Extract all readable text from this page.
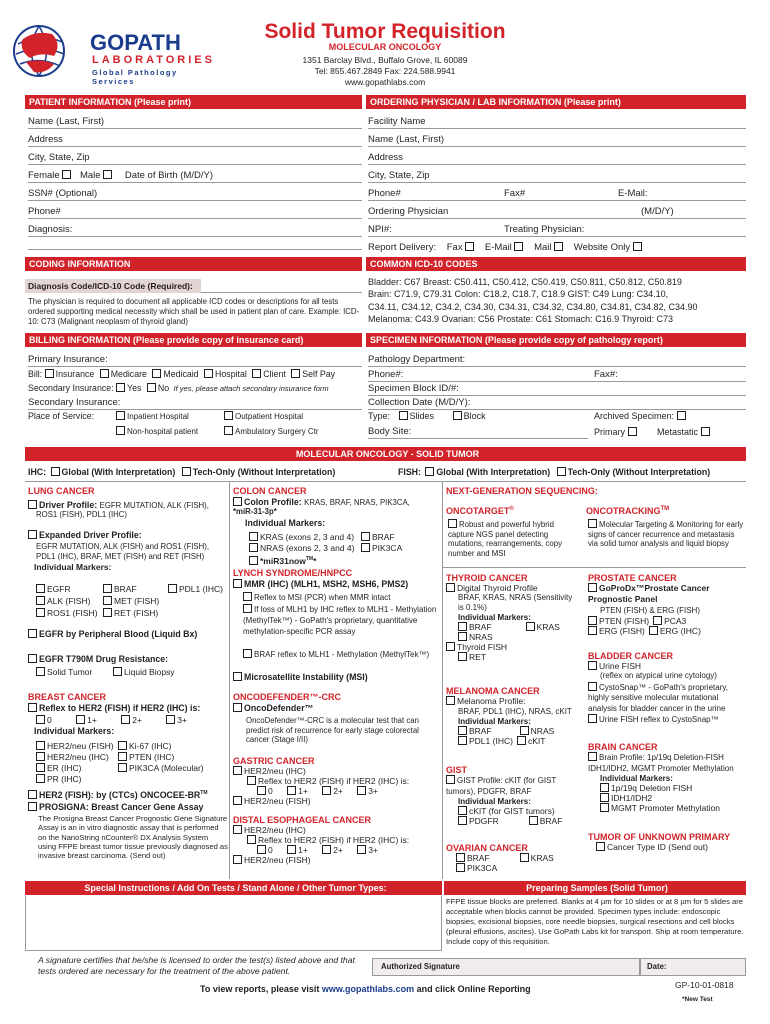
GOPATH
LABORATORIES
Global Pathology Services
Solid Tumor Requisition
MOLECULAR ONCOLOGY
1351 Barclay Blvd., Buffalo Grove, IL 60089
Tel: 855.467.2849 Fax: 224.588.9941
www.gopathlabs.com
PATIENT INFORMATION (Please print)	ORDERING PHYSICIAN / LAB INFORMATION (Please print)
Name (Last, First)
Address
City, State, Zip
Female Male	Date of Birth (M/D/Y)
SSN# (Optional)
Phone#
Diagnosis:
Facility Name
Name (Last, First)
Address
City, State, Zip
Phone#	Fax#	E-Mail:
Ordering Physician	(M/D/Y)
NPI#:	Treating Physician:
Report Delivery: Fax E-Mail Mail Website Only
CODING INFORMATION	COMMON ICD-10 CODES
Diagnosis Code/ICD-10 Code (Required):
The physician is required to document all applicable ICD codes or descriptions for all tests ordered supporting medical necessity which shall be used in patient plan of care. Example: ICD-10: C73 (Malignant neoplasm of thyroid gland)
Bladder: C67 Breast: C50.411, C50.412, C50.419, C50.811, C50.812, C50.819
Brain: C71.9, C79.31 Colon: C18.2, C18.7, C18.9 GIST: C49 Lung: C34.10,
C34.11, C34.12, C34.2, C34.30, C34.31, C34.32, C34.80, C34.81, C34.82, C34.90
Melanoma: C43.9 Ovarian: C56 Prostate: C61 Stomach: C16.9 Thyroid: C73
BILLING INFORMATION (Please provide copy of insurance card)	SPECIMEN INFORMATION (Please provide copy of pathology report)
Primary Insurance:
Bill: Insurance Medicare Medicaid Hospital Client Self Pay
Secondary Insurance: Yes No If yes, please attach secondary insurance form
Secondary Insurance:
Place of Service:	Inpatient Hospital	Outpatient Hospital
Non-hospital patient	Ambulatory Surgery Ctr
Pathology Department:
Phone#:	Fax#:
Specimen Block ID/#:
Collection Date (M/D/Y):
Type: Slides	Block	Archived Specimen:
Body Site:	Primary	Metastatic
MOLECULAR ONCOLOGY - SOLID TUMOR
IHC: Global (With Interpretation) Tech-Only (Without Interpretation)	FISH: Global (With Interpretation) Tech-Only (Without Interpretation)
LUNG CANCER
Driver Profile: EGFR MUTATION, ALK (FISH),
ROS1 (FISH), PDL1 (IHC)
Expanded Driver Profile:
EGFR MUTATION, ALK (FISH) and ROS1 (FISH),
PDL1 (IHC), BRAF, MET (FISH) and RET (FISH)
Individual Markers:
EGFR	BRAF	PDL1 (IHC)
ALK (FISH)	MET (FISH)
ROS1 (FISH)	RET (FISH)
EGFR by Peripheral Blood (Liquid Bx)
EGFR T790M Drug Resistance:
Solid Tumor	Liquid Biopsy
BREAST CANCER
Reflex to HER2 (FISH) if HER2 (IHC) is:
0	1+	2+	3+
Individual Markers:
HER2/neu (FISH)	Ki-67 (IHC)
HER2/neu (IHC)	PTEN (IHC)
ER (IHC)	PIK3CA (Molecular)
PR (IHC)
HER2 (FISH): by (CTCs) ONCOCEE-BR™
PROSIGNA: Breast Cancer Gene Assay
The Prosigna Breast Cancer Prognostic Gene Signature Assay is an in vitro diagnostic assay that is performed on the NanoString nCounter® DX Analysis System using FFPE breast tumor tissue previously diagnosed as invasive breast carcinoma. (Send out)
COLON CANCER
Colon Profile: KRAS, BRAF, NRAS, PIK3CA,
*miR-31-3p*
Individual Markers:
KRAS (exons 2, 3 and 4)	BRAF
NRAS (exons 2, 3 and 4)	PIK3CA
*miR31now™*
LYNCH SYNDROME/HNPCC
MMR (IHC) (MLH1, MSH2, MSH6, PMS2)
Reflex to MSI (PCR) when MMR intact
If loss of MLH1 by IHC reflex to MLH1 - Methylation (MethylTek™) - GoPath's proprietary, quantitative methylation-specific PCR assay
BRAF reflex to MLH1 - Methylation (MethylTek™)
Microsatellite Instability (MSI)
ONCODEFENDER™-CRC
OncoDefender™
OncoDefender™-CRC is a molecular test that can predict risk of recurrence for early stage colorectal cancer (Stage I/II)
GASTRIC CANCER
HER2/neu (IHC)
Reflex to HER2 (FISH) if HER2 (IHC) is:
0	1+	2+	3+
HER2/neu (FISH)
DISTAL ESOPHAGEAL CANCER
HER2/neu (IHC)
Reflex to HER2 (FISH) if HER2 (IHC) is:
0	1+	2+	3+
HER2/neu (FISH)
NEXT-GENERATION SEQUENCING:
ONCOTARGET®
Robust and powerful hybrid capture NGS panel detecting mutations, rearrangements, copy number and MSI
ONCOTRACKING™
Molecular Targeting & Monitoring for early signs of cancer recurrence and metastasis via solid tumor analysis and liquid biopsy
THYROID CANCER
Digital Thyroid Profile
BRAF, KRAS, NRAS (Sensitivity is 0.1%)
Individual Markers:
BRAF	KRAS
NRAS
Thyroid FISH
RET
MELANOMA CANCER
Melanoma Profile:
BRAF, PDL1 (IHC), NRAS, cKIT
Individual Markers:
BRAF	NRAS
PDL1 (IHC) cKIT
GIST
GIST Profile: cKIT (for GIST tumors), PDGFR, BRAF
Individual Markers:
cKIT (for GIST tumors)
PDGFR	BRAF
OVARIAN CANCER
BRAF	KRAS
PIK3CA
PROSTATE CANCER
GoProDx™Prostate Cancer Prognostic Panel
PTEN (FISH) & ERG (FISH)
PTEN (FISH) PCA3
ERG (FISH) ERG (IHC)
BLADDER CANCER
Urine FISH
(reflex on atypical urine cytology)
CystoSnap™ - GoPath's proprietary, highly sensitive molecular mutational analysis for bladder cancer in the urine
Urine FISH reflex to CystoSnap™
BRAIN CANCER
Brain Profile: 1p/19q Deletion-FISH IDH1/IDH2, MGMT Promoter Methylation
Individual Markers:
1p/19q Deletion FISH
IDH1/IDH2
MGMT Promoter Methylation
TUMOR OF UNKNOWN PRIMARY
Cancer Type ID (Send out)
Special Instructions / Add On Tests / Stand Alone / Other Tumor Types:	Preparing Samples (Solid Tumor)
FFPE tissue blocks are preferred. Blanks at 4 µm for 10 slides or at 8 µm for 5 slides are acceptable when blocks cannot be provided. Specimen types include: endoscopic biopsies, excisional biopsies, core needle biopsies, surgical resections and cell blocks (pleural effusions, ascites). Use GoPath Labs kit for transport. Ship at room temperature. Include copy of this requisition.
A signature certifies that he/she is licensed to order the test(s) listed above and that tests ordered are necessary for the treatment of the above patient.	Authorized Signature	Date:
To view reports, please visit www.gopathlabs.com and click Online Reporting	GP-10-01-0818
*New Test
